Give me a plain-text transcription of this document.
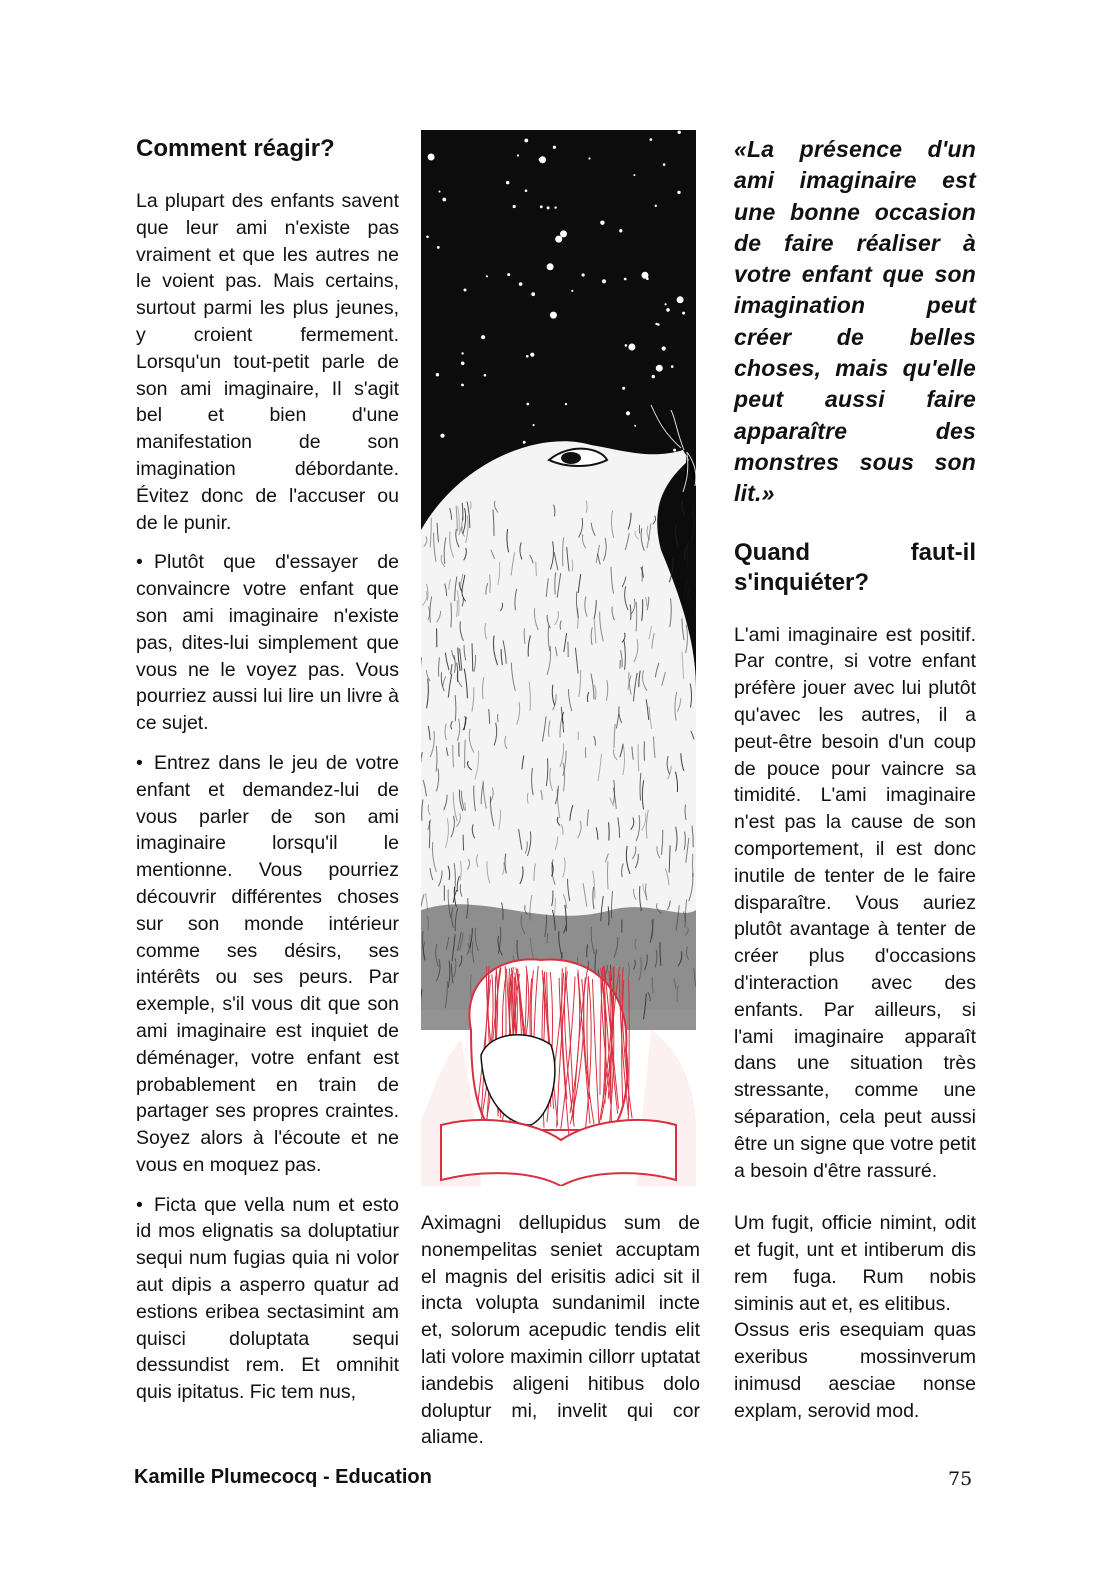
Comment réagir?

La plupart des enfants savent que leur ami n'existe pas vraiment et que les autres ne le voient pas. Mais certains, surtout parmi les plus jeunes, y croient fermement. Lorsqu'un tout-petit parle de son ami imaginaire, Il s'agit bel et bien d'une manifestation de son imagination débordante. Évitez donc de l'accuser ou de le punir.

• Plutôt que d'essayer de convaincre votre enfant que son ami imaginaire n'existe pas, dites-lui simplement que vous ne le voyez pas. Vous pourriez aussi lui lire un livre à ce sujet.

• Entrez dans le jeu de votre enfant et demandez-lui de vous parler de son ami imaginaire lorsqu'il le mentionne. Vous pourriez découvrir différentes choses sur son monde intérieur comme ses désirs, ses intérêts ou ses peurs. Par exemple, s'il vous dit que son ami imaginaire est inquiet de déménager, votre enfant est probablement en train de partager ses propres craintes. Soyez alors à l'écoute et ne vous en moquez pas.

• Ficta que vella num et esto id mos elignatis sa doluptatiur sequi num fugias quia ni volor aut dipis a asperro quatur ad estions eribea sectasimint am quisci doluptata sequi dessundist rem. Et omnihit quis ipitatus. Fic tem nus,

Aximagni dellupidus sum de nonempelitas seniet accuptam el magnis del erisitis adici sit il incta volupta sundanimil incte et, solorum acepudic tendis elit lati volore maximin cillorr uptatat iandebis aligeni hitibus dolo doluptur mi, invelit qui cor aliame.

«La présence d'un ami imaginaire est une bonne occasion de faire réaliser à votre enfant que son imagination peut créer de belles choses, mais qu'elle peut aussi faire apparaître des monstres sous son lit.»
Quand faut-il s'inquiéter?

L'ami imaginaire est positif. Par contre, si votre enfant préfère jouer avec lui plutôt qu'avec les autres, il a peut-être besoin d'un coup de pouce pour vaincre sa timidité. L'ami imaginaire n'est pas la cause de son comportement, il est donc inutile de tenter de le faire disparaître. Vous auriez plutôt avantage à tenter de créer plus d'occasions d'interaction avec des enfants. Par ailleurs, si l'ami imaginaire apparaît dans une situation très stressante, comme une séparation, cela peut aussi être un signe que votre petit a besoin d'être rassuré.

Um fugit, officie nimint, odit et fugit, unt et intiberum dis rem fuga. Rum nobis siminis aut et, es elitibus.

Ossus eris esequiam quas exeribus mossinverum inimusd aesciae nonse explam, serovid mod.

Kamille Plumecocq - Education	75
